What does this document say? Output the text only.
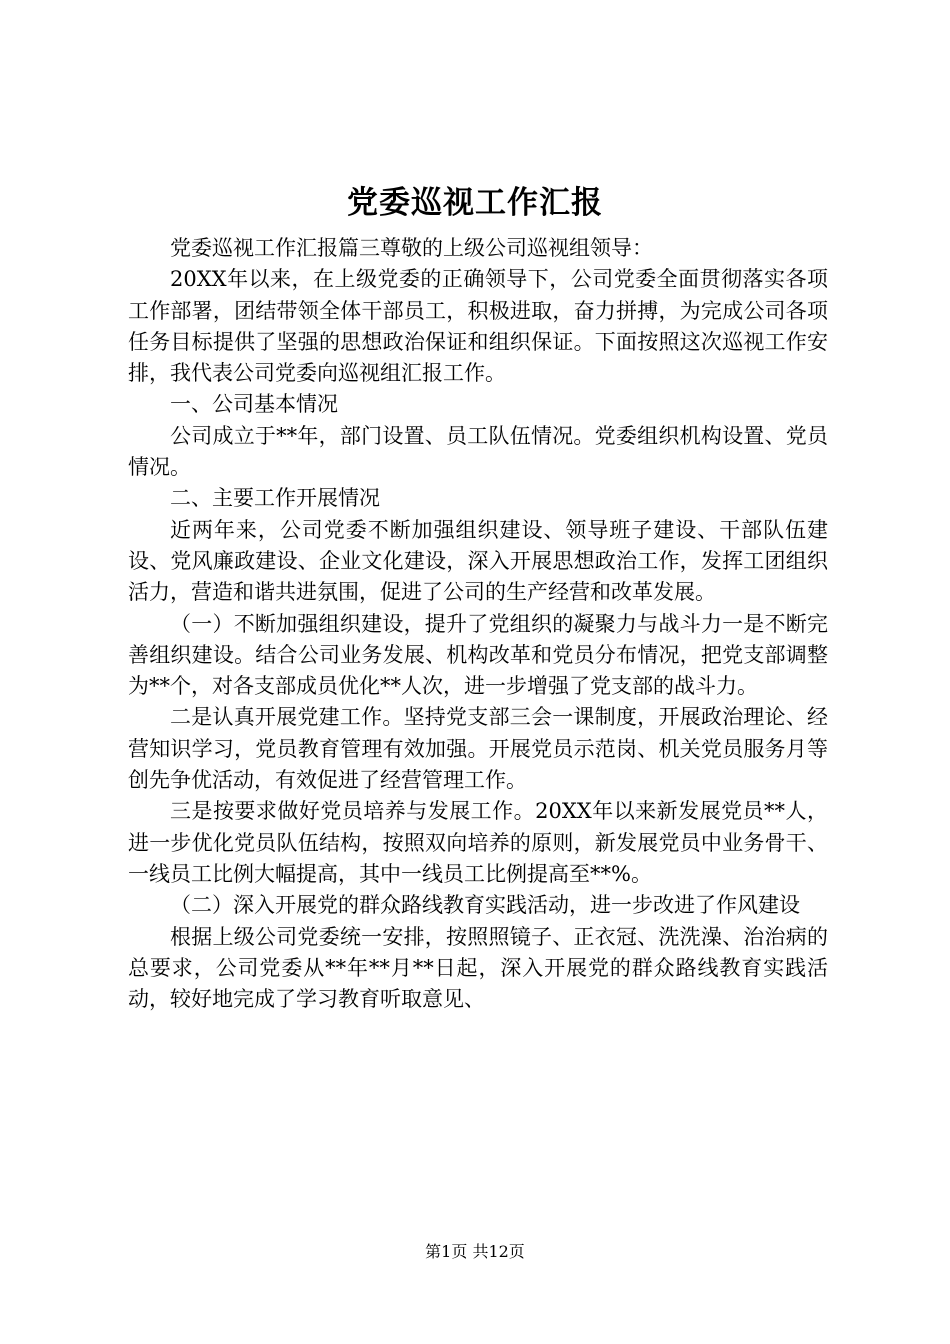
党委巡视工作汇报

党委巡视工作汇报篇三尊敬的上级公司巡视组领导：

20XX年以来，在上级党委的正确领导下，公司党委全面贯彻落实各项工作部署，团结带领全体干部员工，积极进取，奋力拼搏，为完成公司各项任务目标提供了坚强的思想政治保证和组织保证。下面按照这次巡视工作安排，我代表公司党委向巡视组汇报工作。

一、公司基本情况

公司成立于**年，部门设置、员工队伍情况。党委组织机构设置、党员情况。

二、主要工作开展情况

近两年来，公司党委不断加强组织建设、领导班子建设、干部队伍建设、党风廉政建设、企业文化建设，深入开展思想政治工作，发挥工团组织活力，营造和谐共进氛围，促进了公司的生产经营和改革发展。

（一）不断加强组织建设，提升了党组织的凝聚力与战斗力一是不断完善组织建设。结合公司业务发展、机构改革和党员分布情况，把党支部调整为**个，对各支部成员优化**人次，进一步增强了党支部的战斗力。

二是认真开展党建工作。坚持党支部三会一课制度，开展政治理论、经营知识学习，党员教育管理有效加强。开展党员示范岗、机关党员服务月等创先争优活动，有效促进了经营管理工作。

三是按要求做好党员培养与发展工作。20XX年以来新发展党员**人，进一步优化党员队伍结构，按照双向培养的原则，新发展党员中业务骨干、一线员工比例大幅提高，其中一线员工比例提高至**%。

（二）深入开展党的群众路线教育实践活动，进一步改进了作风建设

根据上级公司党委统一安排，按照照镜子、正衣冠、洗洗澡、治治病的总要求，公司党委从**年**月**日起，深入开展党的群众路线教育实践活动，较好地完成了学习教育听取意见、

第1页 共12页
